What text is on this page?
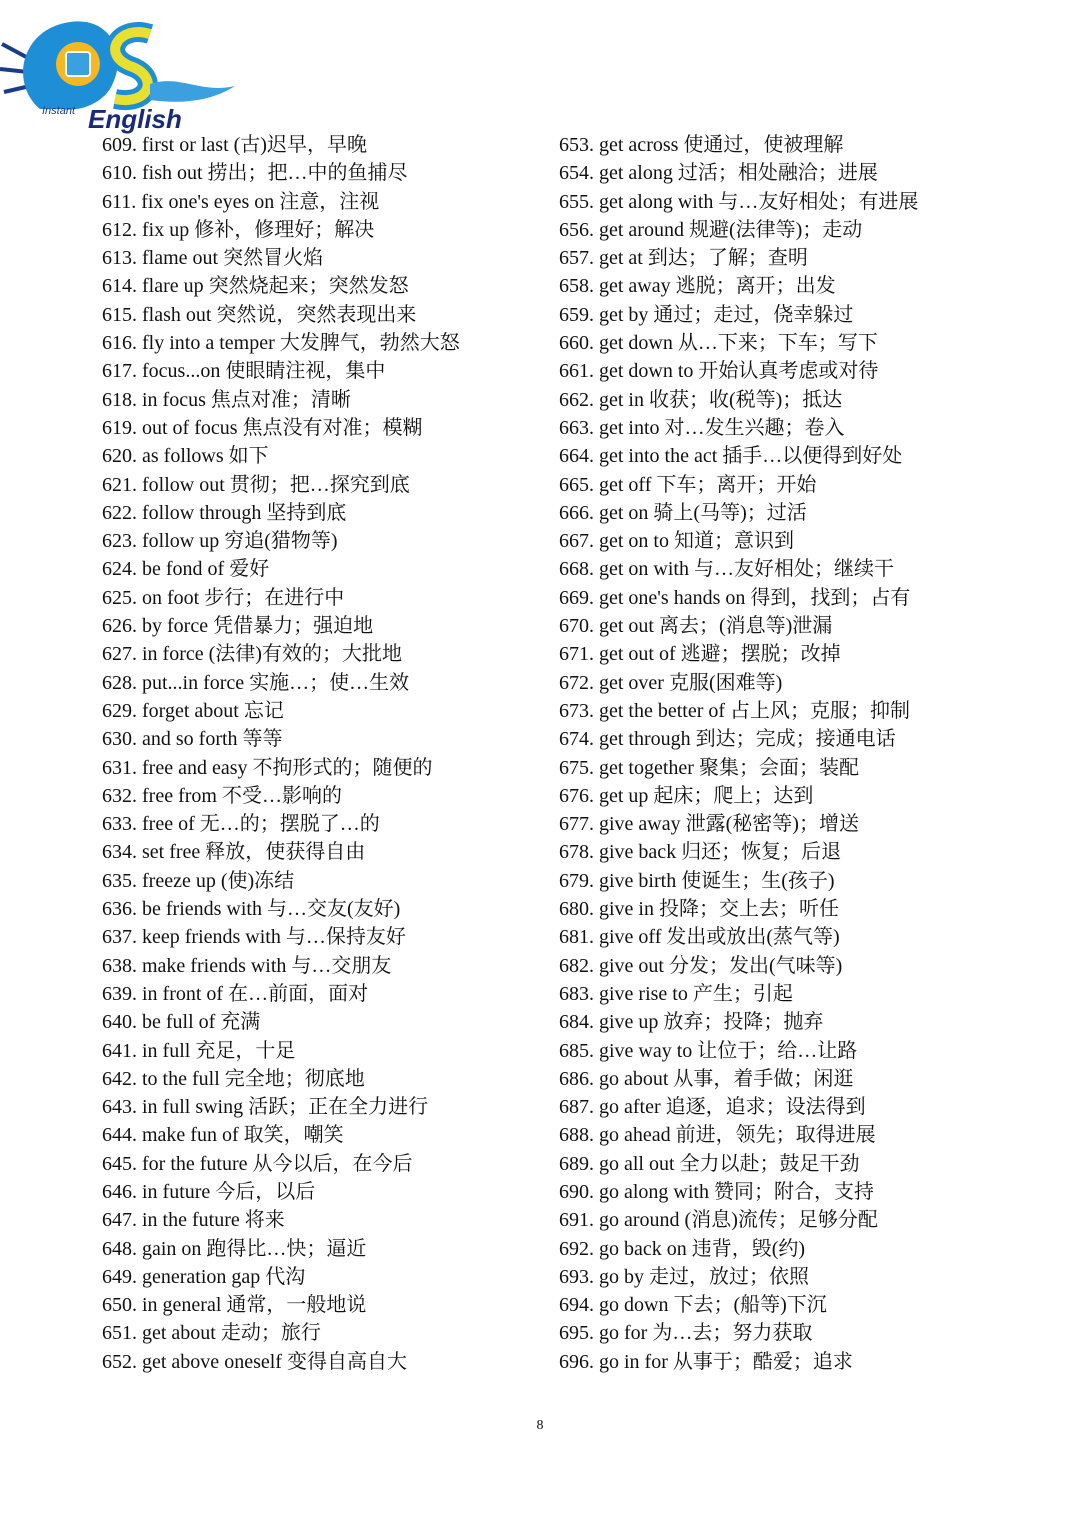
Instant English
609. first or last (古)迟早，早晚
610. fish out 捞出；把…中的鱼捕尽
611. fix one's eyes on 注意，注视
612. fix up 修补，修理好；解决
613. flame out 突然冒火焰
614. flare up 突然烧起来；突然发怒
615. flash out 突然说，突然表现出来
616. fly into a temper 大发脾气，勃然大怒
617. focus...on 使眼睛注视，集中
618. in focus 焦点对准；清晰
619. out of focus 焦点没有对准；模糊
620. as follows 如下
621. follow out 贯彻；把…探究到底
622. follow through 坚持到底
623. follow up 穷追(猎物等)
624. be fond of 爱好
625. on foot 步行；在进行中
626. by force 凭借暴力；强迫地
627. in force (法律)有效的；大批地
628. put...in force 实施…；使…生效
629. forget about 忘记
630. and so forth 等等
631. free and easy 不拘形式的；随便的
632. free from 不受…影响的
633. free of 无…的；摆脱了…的
634. set free 释放，使获得自由
635. freeze up (使)冻结
636. be friends with 与…交友(友好)
637. keep friends with 与…保持友好
638. make friends with 与…交朋友
639. in front of 在…前面，面对
640. be full of 充满
641. in full 充足，十足
642. to the full 完全地；彻底地
643. in full swing 活跃；正在全力进行
644. make fun of 取笑，嘲笑
645. for the future 从今以后，在今后
646. in future 今后，以后
647. in the future 将来
648. gain on 跑得比…快；逼近
649. generation gap 代沟
650. in general 通常，一般地说
651. get about 走动；旅行
652. get above oneself 变得自高自大
653. get across 使通过，使被理解
654. get along 过活；相处融洽；进展
655. get along with 与…友好相处；有进展
656. get around 规避(法律等)；走动
657. get at 到达；了解；查明
658. get away 逃脱；离开；出发
659. get by 通过；走过，侥幸躲过
660. get down 从…下来；下车；写下
661. get down to 开始认真考虑或对待
662. get in 收获；收(税等)；抵达
663. get into 对…发生兴趣；卷入
664. get into the act 插手…以便得到好处
665. get off 下车；离开；开始
666. get on 骑上(马等)；过活
667. get on to 知道；意识到
668. get on with 与…友好相处；继续干
669. get one's hands on 得到，找到；占有
670. get out 离去；(消息等)泄漏
671. get out of 逃避；摆脱；改掉
672. get over 克服(困难等)
673. get the better of 占上风；克服；抑制
674. get through 到达；完成；接通电话
675. get together 聚集；会面；装配
676. get up 起床；爬上；达到
677. give away 泄露(秘密等)；增送
678. give back 归还；恢复；后退
679. give birth 使诞生；生(孩子)
680. give in 投降；交上去；听任
681. give off 发出或放出(蒸气等)
682. give out 分发；发出(气味等)
683. give rise to 产生；引起
684. give up 放弃；投降；抛弃
685. give way to 让位于；给…让路
686. go about 从事，着手做；闲逛
687. go after 追逐，追求；设法得到
688. go ahead 前进，领先；取得进展
689. go all out 全力以赴；鼓足干劲
690. go along with 赞同；附合，支持
691. go around (消息)流传；足够分配
692. go back on 违背，毁(约)
693. go by 走过，放过；依照
694. go down 下去；(船等)下沉
695. go for 为…去；努力获取
696. go in for 从事于；酷爱；追求
8
